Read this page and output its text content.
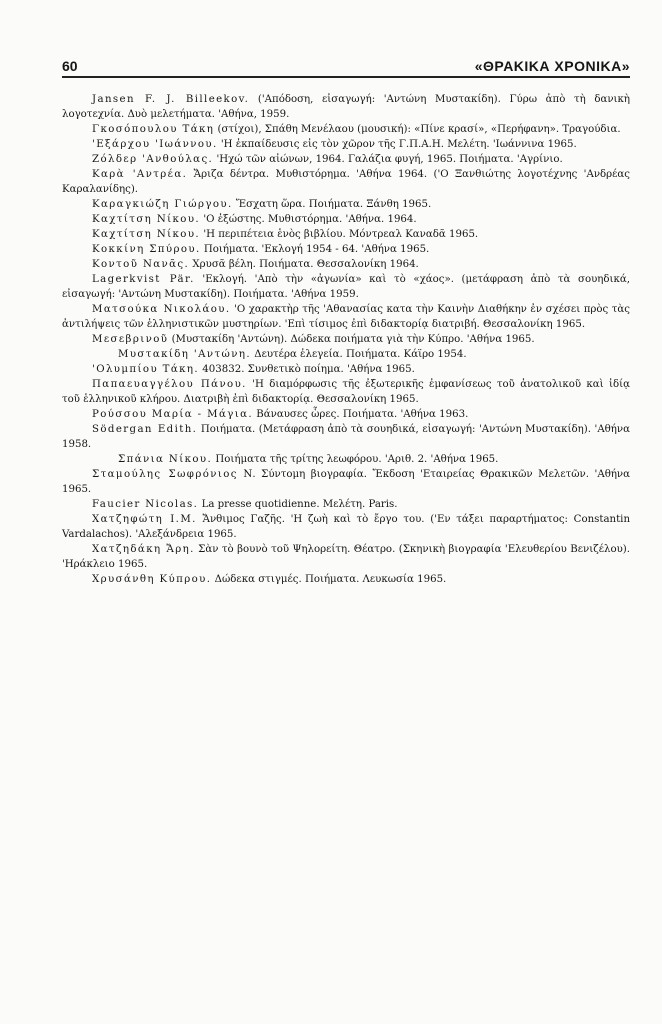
60	«ΘΡΑΚΙΚΑ ΧΡΟΝΙΚΑ»

Jansen F. J. Billeekov. ('Απόδοση, εἰσαγωγή: 'Αντώνη Μυστακίδη). Γύρω ἀπὸ τὴ δανικὴ λογοτεχνία. Δυὸ μελετήματα. 'Αθήνα, 1959.

Γκοσόπουλου Τάκη (στίχοι), Σπάθη Μενέλαου (μουσική): «Πίνε κρασί», «Περήφανη». Τραγούδια.

'Εξάρχου 'Ιωάννου. 'Η ἐκπαίδευσις εἰς τὸν χῶρον τῆς Γ.Π.Α.Η. Μελέτη. 'Ιωάννινα 1965.

Ζόλδερ 'Ανθούλας. 'Ηχώ τῶν αἰώνων, 1964. Γαλάζια φυγή, 1965. Ποιήματα. 'Αγρίνιο.

Καρὰ 'Αντρέα. Ἄριζα δέντρα. Μυθιστόρημα. 'Αθήνα 1964. ('Ο Ξανθιώτης λογοτέχνης 'Ανδρέας Καραλανίδης).

Καραγκιώζη Γιώργου. Ἔσχατη ὥρα. Ποιήματα. Ξάνθη 1965.

Καχτίτση Νίκου. 'Ο ἐξώστης. Μυθιστόρημα. 'Αθήνα. 1964.

Καχτίτση Νίκου. 'Η περιπέτεια ἑνὸς βιβλίου. Μόντρεαλ Καναδᾶ 1965.

Κοκκίνη Σπύρου. Ποιήματα. 'Εκλογή 1954 - 64. 'Αθήνα 1965.

Κοντοῦ Νανᾶς. Χρυσᾶ βέλη. Ποιήματα. Θεσσαλονίκη 1964.

Lagerkvist Pär. 'Εκλογή. 'Απὸ τὴν «ἀγωνία» καὶ τὸ «χάος». (μετάφραση ἀπὸ τὰ σουηδικά, εἰσαγωγή: 'Αντώνη Μυστακίδη). Ποιήματα. 'Αθήνα 1959.

Ματσούκα Νικολάου. 'Ο χαρακτὴρ τῆς 'Αθανασίας κατα τὴν Καινὴν Διαθήκην ἐν σχέσει πρὸς τὰς ἀντιλήψεις τῶν ἑλληνιστικῶν μυστηρίων. 'Επὶ τίσιμος ἐπὶ διδακτορίᾳ διατριβή. Θεσσαλονίκη 1965.

Μεσεβρινοῦ (Μυστακίδη 'Αντώνη). Δώδεκα ποιήματα γιὰ τὴν Κύπρο. 'Αθήνα 1965.

Μυστακίδη 'Αντώνη. Δευτέρα ἐλεγεία. Ποιήματα. Κάϊρο 1954.

'Ολυμπίου Τάκη. 403832. Συνθετικὸ ποίημα. 'Αθήνα 1965.

Παπαευαγγέλου Πάνου. 'Η διαμόρφωσις τῆς ἐξωτερικῆς ἐμφανίσεως τοῦ ἀνατολικοῦ καὶ ἰδίᾳ τοῦ ἑλληνικοῦ κλήρου. Διατριβὴ ἐπὶ διδακτορίᾳ. Θεσσαλονίκη 1965.

Ρούσσου Μαρία - Μάγια. Βάναυσες ὧρες. Ποιήματα. 'Αθήνα 1963.

Södergan Edith. Ποιήματα. (Μετάφραση ἀπὸ τὰ σουηδικά, εἰσαγωγή: 'Αντώνη Μυστακίδη). 'Αθήνα 1958.

Σπάνια Νίκου. Ποιήματα τῆς τρίτης λεωφόρου. 'Αριθ. 2. 'Αθήνα 1965.

Σταμούλης Σωφρόνιος Ν. Σύντομη βιογραφία. Ἔκδοση 'Εταιρείας Θρακικῶν Μελετῶν. 'Αθήνα 1965.

Faucier Nicolas. La presse quotidienne. Μελέτη. Paris.

Χατζηφώτη Ι.Μ. Ἄνθιμος Γαζῆς. 'Η ζωὴ καὶ τὸ ἔργο του. ('Εν τάξει παραρτήματος: Constantin Vardalachos). 'Αλεξάνδρεια 1965.

Χατζηδάκη Ἄρη. Σὰν τὸ βουνὸ τοῦ Ψηλορείτη. Θέατρο. (Σκηνικὴ βιογραφία 'Ελευθερίου Βενιζέλου). 'Ηράκλειο 1965.

Χρυσάνθη Κύπρου. Δώδεκα στιγμές. Ποιήματα. Λευκωσία 1965.
